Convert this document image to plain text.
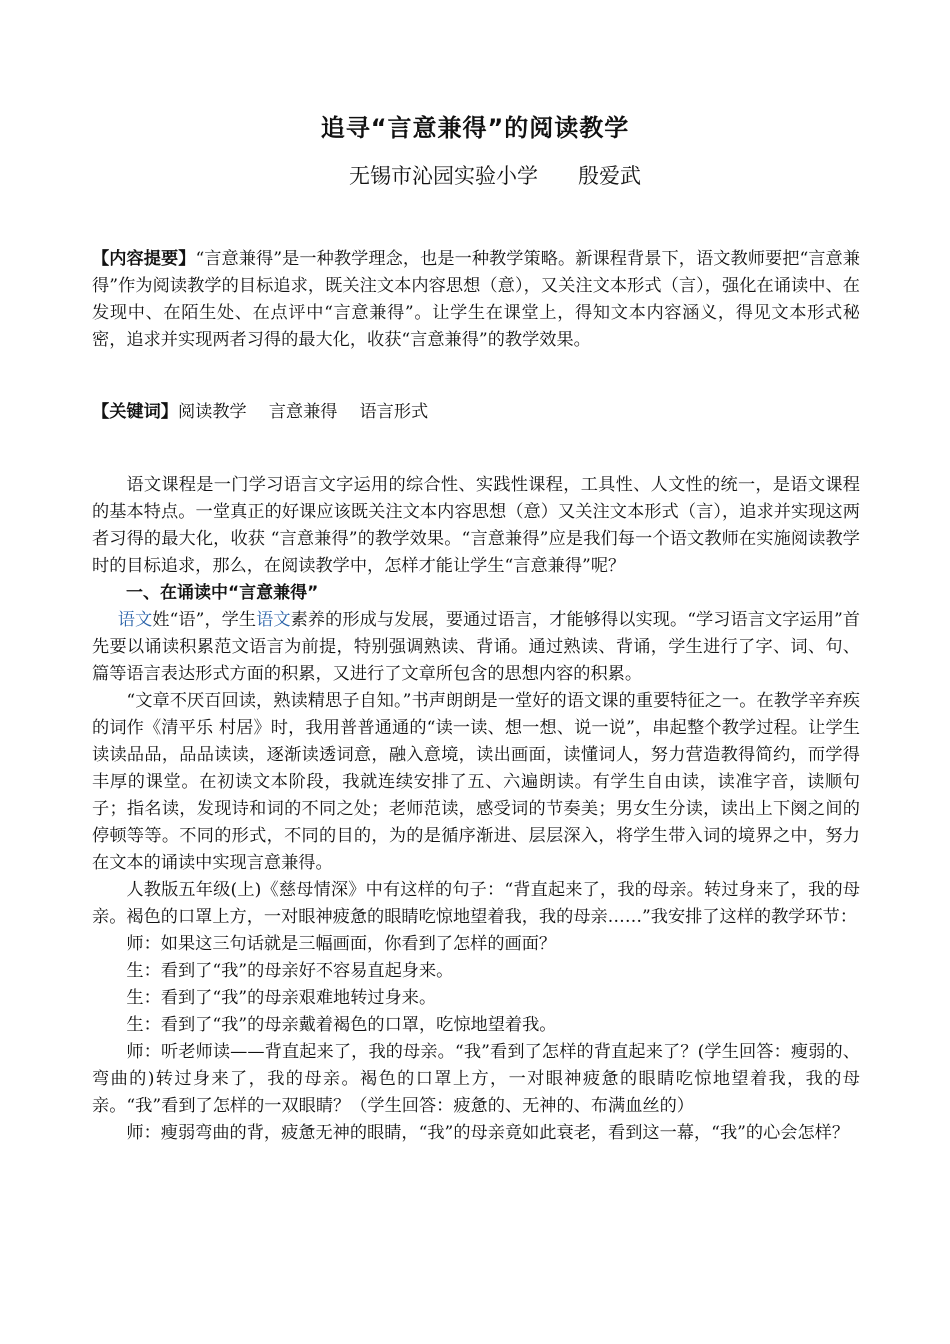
追寻“言意兼得”的阅读教学
无锡市沁园实验小学 殷爱武

【内容提要】“言意兼得”是一种教学理念，也是一种教学策略。新课程背景下，语文教师要把“言意兼得”作为阅读教学的目标追求，既关注文本内容思想（意），又关注文本形式（言），强化在诵读中、在发现中、在陌生处、在点评中“言意兼得”。让学生在课堂上，得知文本内容涵义，得见文本形式秘密，追求并实现两者习得的最大化，收获“言意兼得”的教学效果。

【关键词】阅读教学 言意兼得 语言形式

语文课程是一门学习语言文字运用的综合性、实践性课程，工具性、人文性的统一，是语文课程的基本特点。一堂真正的好课应该既关注文本内容思想（意）又关注文本形式（言），追求并实现这两者习得的最大化，收获 “言意兼得”的教学效果。“言意兼得”应是我们每一个语文教师在实施阅读教学时的目标追求，那么，在阅读教学中，怎样才能让学生“言意兼得”呢？

一、在诵读中“言意兼得”

语文姓“语”，学生语文素养的形成与发展，要通过语言，才能够得以实现。“学习语言文字运用”首先要以诵读积累范文语言为前提，特别强调熟读、背诵。通过熟读、背诵，学生进行了字、词、句、篇等语言表达形式方面的积累，又进行了文章所包含的思想内容的积累。

“文章不厌百回读，熟读精思子自知。”书声朗朗是一堂好的语文课的重要特征之一。在教学辛弃疾的词作《清平乐 村居》时，我用普普通通的“读一读、想一想、说一说”，串起整个教学过程。让学生读读品品，品品读读，逐渐读透词意，融入意境，读出画面，读懂词人，努力营造教得简约，而学得丰厚的课堂。在初读文本阶段，我就连续安排了五、六遍朗读。有学生自由读，读准字音，读顺句子；指名读，发现诗和词的不同之处；老师范读，感受词的节奏美；男女生分读，读出上下阕之间的停顿等等。不同的形式，不同的目的，为的是循序渐进、层层深入，将学生带入词的境界之中，努力在文本的诵读中实现言意兼得。

人教版五年级(上)《慈母情深》中有这样的句子：“背直起来了，我的母亲。转过身来了，我的母亲。褐色的口罩上方，一对眼神疲惫的眼睛吃惊地望着我，我的母亲……”我安排了这样的教学环节：

师：如果这三句话就是三幅画面，你看到了怎样的画面？

生：看到了“我”的母亲好不容易直起身来。

生：看到了“我”的母亲艰难地转过身来。

生：看到了“我”的母亲戴着褐色的口罩，吃惊地望着我。

师：听老师读——背直起来了，我的母亲。“我”看到了怎样的背直起来了？(学生回答：瘦弱的、弯曲的)转过身来了，我的母亲。褐色的口罩上方，一对眼神疲惫的眼睛吃惊地望着我，我的母亲。“我”看到了怎样的一双眼睛？（学生回答：疲惫的、无神的、布满血丝的）

师：瘦弱弯曲的背，疲惫无神的眼睛，“我”的母亲竟如此衰老，看到这一幕，“我”的心会怎样？
